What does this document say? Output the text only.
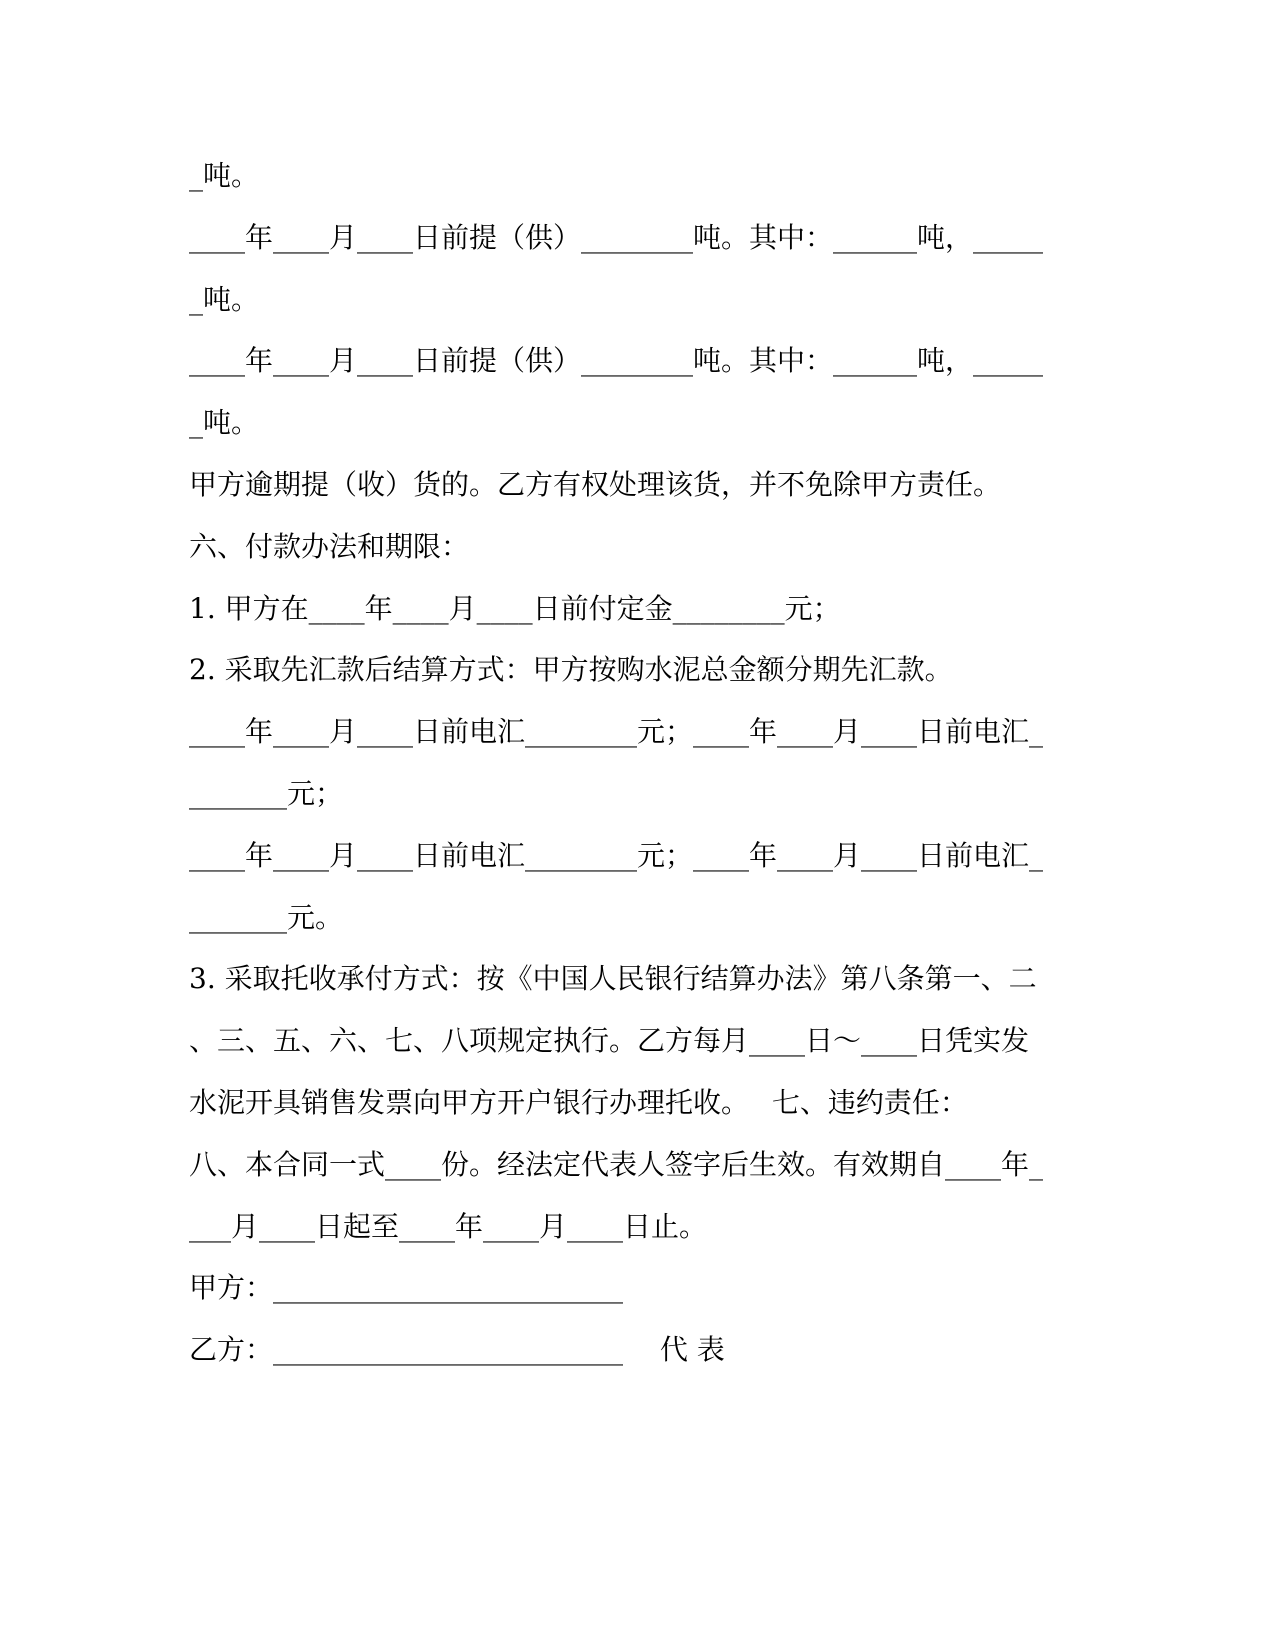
_吨。
____年____月____日前提（供）________吨。其中：______吨，_____
_吨。
____年____月____日前提（供）________吨。其中：______吨，_____
_吨。
甲方逾期提（收）货的。乙方有权处理该货，并不免除甲方责任。
六、付款办法和期限：
1. 甲方在____年____月____日前付定金________元；
2. 采取先汇款后结算方式：甲方按购水泥总金额分期先汇款。
____年____月____日前电汇________元；____年____月____日前电汇_
_______元；
____年____月____日前电汇________元；____年____月____日前电汇_
_______元。
3. 采取托收承付方式：按《中国人民银行结算办法》第八条第一、二
、三、五、六、七、八项规定执行。乙方每月____日～____日凭实发
水泥开具销售发票向甲方开户银行办理托收。　 七、违约责任：
八、本合同一式____份。经法定代表人签字后生效。有效期自____年_
___月____日起至____年____月____日止。
甲方：_________________________
乙方：_________________________　 代 表
